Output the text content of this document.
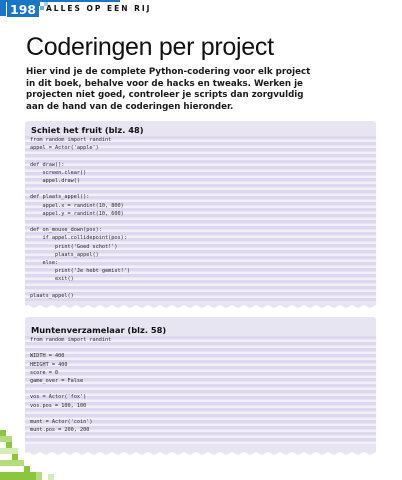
198	ALLES OP EEN RIJ
Coderingen per project

Hier vind je de complete Python-codering voor elk project in dit boek, behalve voor de hacks en tweaks. Werken je projecten niet goed, controleer je scripts dan zorgvuldig aan de hand van de coderingen hieronder.

Schiet het fruit (blz. 48)
from random import randint
appel = Actor('apple')
def draw():
screen.clear()
appel.draw()
def plaats_appel():
appel.x = randint(10, 800)
appel.y = randint(10, 600)
def on_mouse_down(pos):
if appel.collidepoint(pos):
print('Goed schot!')
plaats_appel()
else:
print('Je hebt gemist!')
exit()
plaats_appel()
Muntenverzamelaar (blz. 58)
from random import randint
WIDTH = 400
HEIGHT = 400
score = 0
game_over = False
vos = Actor('fox')
vos.pos = 100, 100
munt = Actor('coin')
munt.pos = 200, 200
